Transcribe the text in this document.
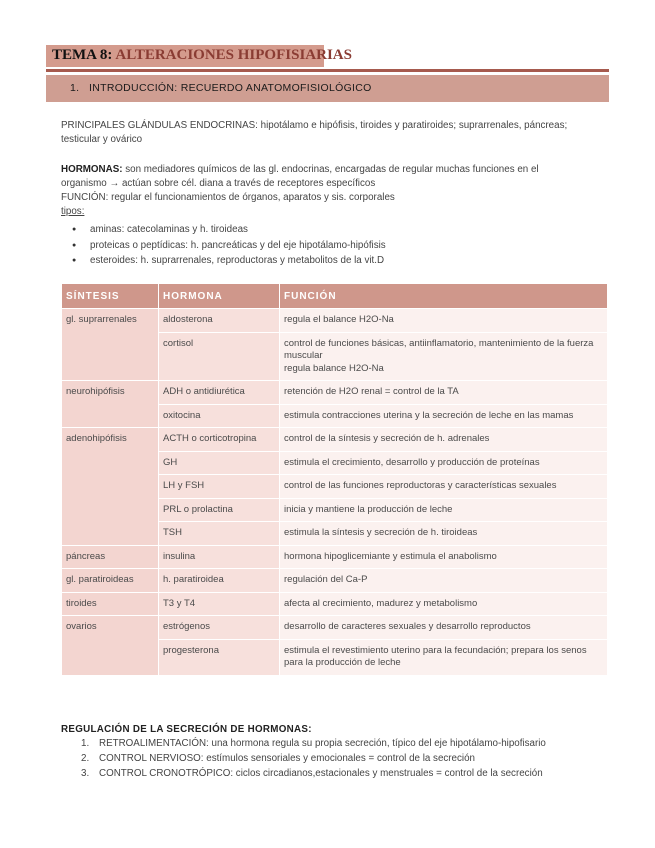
TEMA 8: ALTERACIONES HIPOFISIARIAS
1. INTRODUCCIÓN: RECUERDO ANATOMOFISIOLÓGICO
PRINCIPALES GLÁNDULAS ENDOCRINAS: hipotálamo e hipófisis, tiroides y paratiroides; suprarrenales, páncreas;
testicular y ovárico
HORMONAS: son mediadores químicos de las gl. endocrinas, encargadas de regular muchas funciones en el
organismo → actúan sobre cél. diana a través de receptores específicos
FUNCIÓN: regular el funcionamientos de órganos, aparatos y sis. corporales
tipos:
● aminas: catecolaminas y h. tiroideas
● proteicas o peptídicas: h. pancreáticas y del eje hipotálamo-hipófisis
● esteroides: h. suprarrenales, reproductoras y metabolitos de la vit.D
SÍNTESIS	HORMONA	FUNCIÓN
gl. suprarrenales	aldosterona	regula el balance H2O-Na
	cortisol	control de funciones básicas, antiinflamatorio, mantenimiento de la fuerza muscular
regula balance H2O-Na
neurohipófisis	ADH o antidiurética	retención de H2O renal = control de la TA
	oxitocina	estimula contracciones uterina y la secreción de leche en las mamas
adenohipófisis	ACTH o corticotropina	control de la síntesis y secreción de h. adrenales
	GH	estimula el crecimiento, desarrollo y producción de proteínas
	LH y FSH	control de las funciones reproductoras y características sexuales
	PRL o prolactina	inicia y mantiene la producción de leche
	TSH	estimula la síntesis y secreción de h. tiroideas
páncreas	insulina	hormona hipoglicemiante y estimula el anabolismo
gl. paratiroideas	h. paratiroidea	regulación del Ca-P
tiroides	T3 y T4	afecta al crecimiento, madurez y metabolismo
ovarios	estrógenos	desarrollo de caracteres sexuales y desarrollo reproductos
	progesterona	estimula el revestimiento uterino para la fecundación; prepara los senos para la producción de leche
REGULACIÓN DE LA SECRECIÓN DE HORMONAS:
1. RETROALIMENTACIÓN: una hormona regula su propia secreción, típico del eje hipotálamo-hipofisario
2. CONTROL NERVIOSO: estímulos sensoriales y emocionales = control de la secreción
3. CONTROL CRONOTRÓPICO: ciclos circadianos,estacionales y menstruales = control de la secreción
